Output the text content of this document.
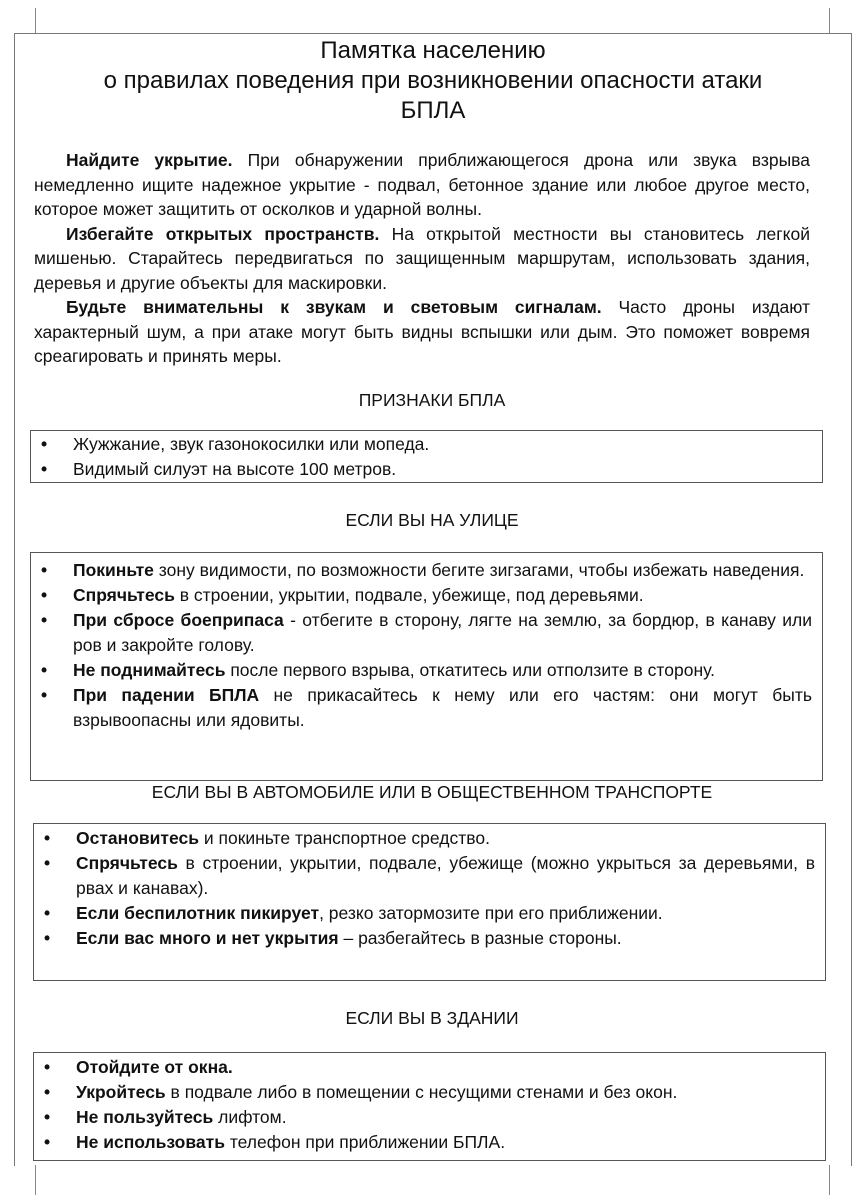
Памятка населению
о правилах поведения при возникновении опасности атаки
БПЛА

Найдите укрытие. При обнаружении приближающегося дрона или звука взрыва немедленно ищите надежное укрытие - подвал, бетонное здание или любое другое место, которое может защитить от осколков и ударной волны.

Избегайте открытых пространств. На открытой местности вы становитесь легкой мишенью. Старайтесь передвигаться по защищенным маршрутам, использовать здания, деревья и другие объекты для маскировки.

Будьте внимательны к звукам и световым сигналам. Часто дроны издают характерный шум, а при атаке могут быть видны вспышки или дым. Это поможет вовремя среагировать и принять меры.

ПРИЗНАКИ БПЛА
• Жужжание, звук газонокосилки или мопеда.
• Видимый силуэт на высоте 100 метров.
ЕСЛИ ВЫ НА УЛИЦЕ
• Покиньте зону видимости, по возможности бегите зигзагами, чтобы избежать наведения.
• Спрячьтесь в строении, укрытии, подвале, убежище, под деревьями.
• При сбросе боеприпаса - отбегите в сторону, лягте на землю, за бордюр, в канаву или ров и закройте голову.
• Не поднимайтесь после первого взрыва, откатитесь или отползите в сторону.
• При падении БПЛА не прикасайтесь к нему или его частям: они могут быть взрывоопасны или ядовиты.
ЕСЛИ ВЫ В АВТОМОБИЛЕ ИЛИ В ОБЩЕСТВЕННОМ ТРАНСПОРТЕ
• Остановитесь и покиньте транспортное средство.
• Спрячьтесь в строении, укрытии, подвале, убежище (можно укрыться за деревьями, в рвах и канавах).
• Если беспилотник пикирует, резко затормозите при его приближении.
• Если вас много и нет укрытия – разбегайтесь в разные стороны.
ЕСЛИ ВЫ В ЗДАНИИ
• Отойдите от окна.
• Укройтесь в подвале либо в помещении с несущими стенами и без окон.
• Не пользуйтесь лифтом.
• Не использовать телефон при приближении БПЛА.
